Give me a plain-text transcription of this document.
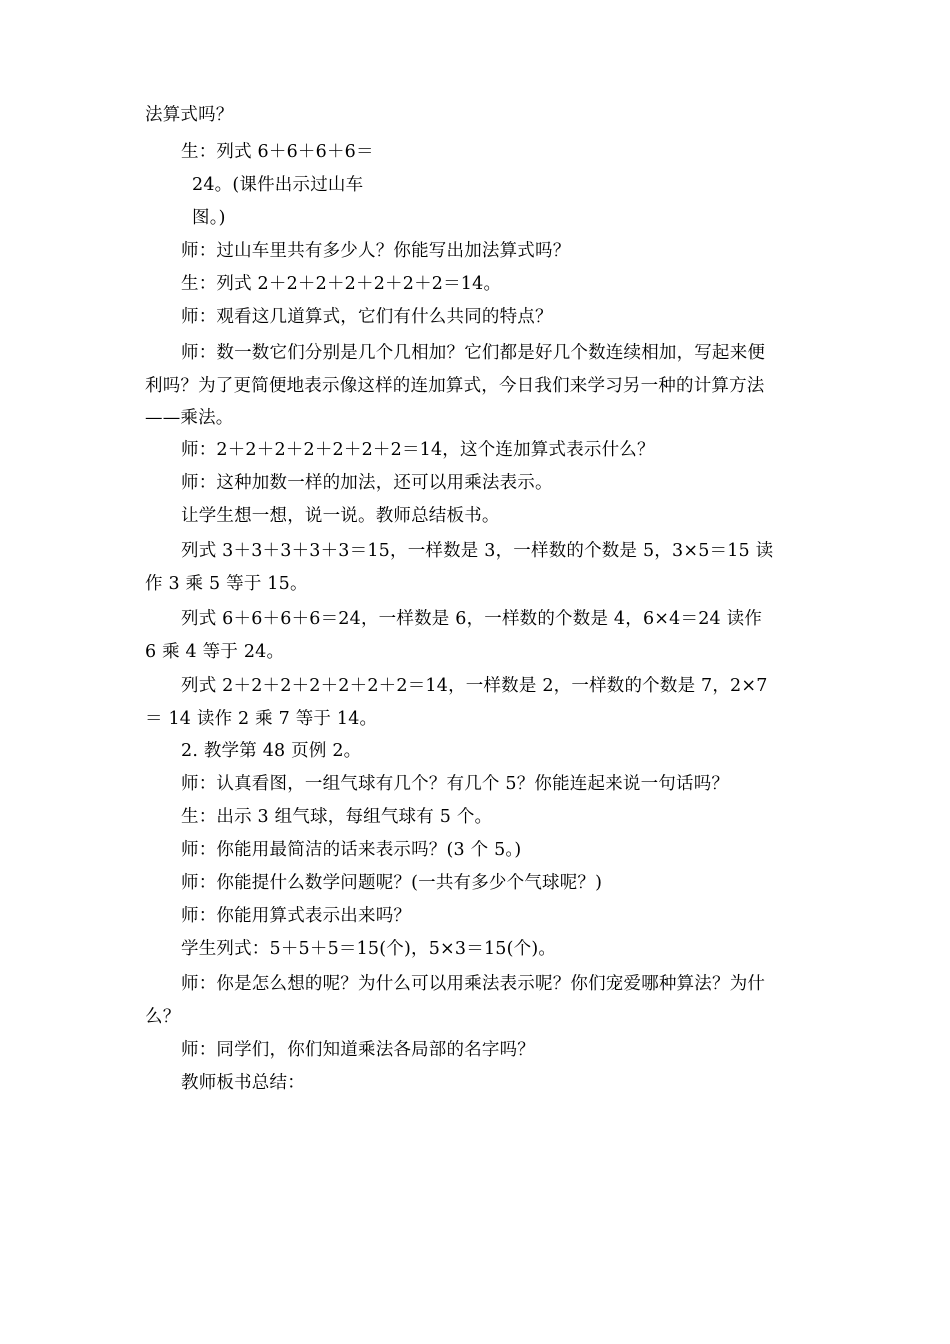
法算式吗？
生：列式 6＋6＋6＋6＝
24。(课件出示过山车
图。)
师：过山车里共有多少人？你能写出加法算式吗？
生：列式 2＋2＋2＋2＋2＋2＋2＝14。
师：观看这几道算式，它们有什么共同的特点？
师：数一数它们分别是几个几相加？它们都是好几个数连续相加，写起来便
利吗？为了更简便地表示像这样的连加算式，今日我们来学习另一种的计算方法
——乘法。
师：2＋2＋2＋2＋2＋2＋2＝14，这个连加算式表示什么？
师：这种加数一样的加法，还可以用乘法表示。
让学生想一想，说一说。教师总结板书。
列式 3＋3＋3＋3＋3＝15，一样数是 3，一样数的个数是 5，3×5＝15 读
作 3 乘 5 等于 15。
列式 6＋6＋6＋6＝24，一样数是 6，一样数的个数是 4，6×4＝24 读作
6 乘 4 等于 24。
列式 2＋2＋2＋2＋2＋2＋2＝14，一样数是 2，一样数的个数是 7，2×7
＝ 14 读作 2 乘 7 等于 14。
2. 教学第 48 页例 2。
师：认真看图，一组气球有几个？有几个 5？你能连起来说一句话吗？
生：出示 3 组气球，每组气球有 5 个。
师：你能用最简洁的话来表示吗？(3 个 5。)
师：你能提什么数学问题呢？(一共有多少个气球呢？)
师：你能用算式表示出来吗？
学生列式：5＋5＋5＝15(个)，5×3＝15(个)。
师：你是怎么想的呢？为什么可以用乘法表示呢？你们宠爱哪种算法？为什
么？
师：同学们，你们知道乘法各局部的名字吗？
教师板书总结：
